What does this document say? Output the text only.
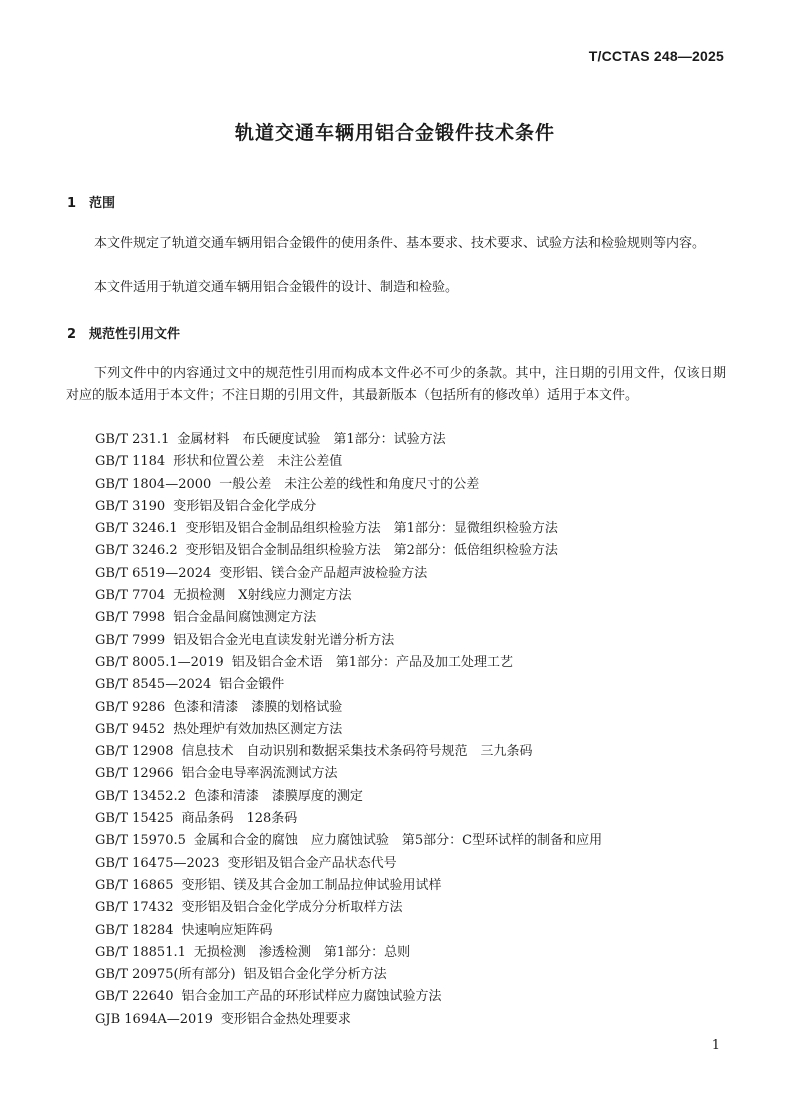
T/CCTAS 248—2025
轨道交通车辆用铝合金锻件技术条件
1 范围

本文件规定了轨道交通车辆用铝合金锻件的使用条件、基本要求、技术要求、试验方法和检验规则等内容。

本文件适用于轨道交通车辆用铝合金锻件的设计、制造和检验。

2 规范性引用文件

下列文件中的内容通过文中的规范性引用而构成本文件必不可少的条款。其中，注日期的引用文件，仅该日期对应的版本适用于本文件；不注日期的引用文件，其最新版本（包括所有的修改单）适用于本文件。

GB/T 231.1 金属材料　布氏硬度试验　第1部分：试验方法
GB/T 1184 形状和位置公差　未注公差值
GB/T 1804—2000 一般公差　未注公差的线性和角度尺寸的公差
GB/T 3190 变形铝及铝合金化学成分
GB/T 3246.1 变形铝及铝合金制品组织检验方法　第1部分：显微组织检验方法
GB/T 3246.2 变形铝及铝合金制品组织检验方法　第2部分：低倍组织检验方法
GB/T 6519—2024 变形铝、镁合金产品超声波检验方法
GB/T 7704 无损检测　X射线应力测定方法
GB/T 7998 铝合金晶间腐蚀测定方法
GB/T 7999 铝及铝合金光电直读发射光谱分析方法
GB/T 8005.1—2019 铝及铝合金术语　第1部分：产品及加工处理工艺
GB/T 8545—2024 铝合金锻件
GB/T 9286 色漆和清漆　漆膜的划格试验
GB/T 9452 热处理炉有效加热区测定方法
GB/T 12908 信息技术　自动识别和数据采集技术条码符号规范　三九条码
GB/T 12966 铝合金电导率涡流测试方法
GB/T 13452.2 色漆和清漆　漆膜厚度的测定
GB/T 15425 商品条码　128条码
GB/T 15970.5 金属和合金的腐蚀　应力腐蚀试验　第5部分：C型环试样的制备和应用
GB/T 16475—2023 变形铝及铝合金产品状态代号
GB/T 16865 变形铝、镁及其合金加工制品拉伸试验用试样
GB/T 17432 变形铝及铝合金化学成分分析取样方法
GB/T 18284 快速响应矩阵码
GB/T 18851.1 无损检测　渗透检测　第1部分：总则
GB/T 20975(所有部分) 铝及铝合金化学分析方法
GB/T 22640 铝合金加工产品的环形试样应力腐蚀试验方法
GJB 1694A—2019 变形铝合金热处理要求
1
